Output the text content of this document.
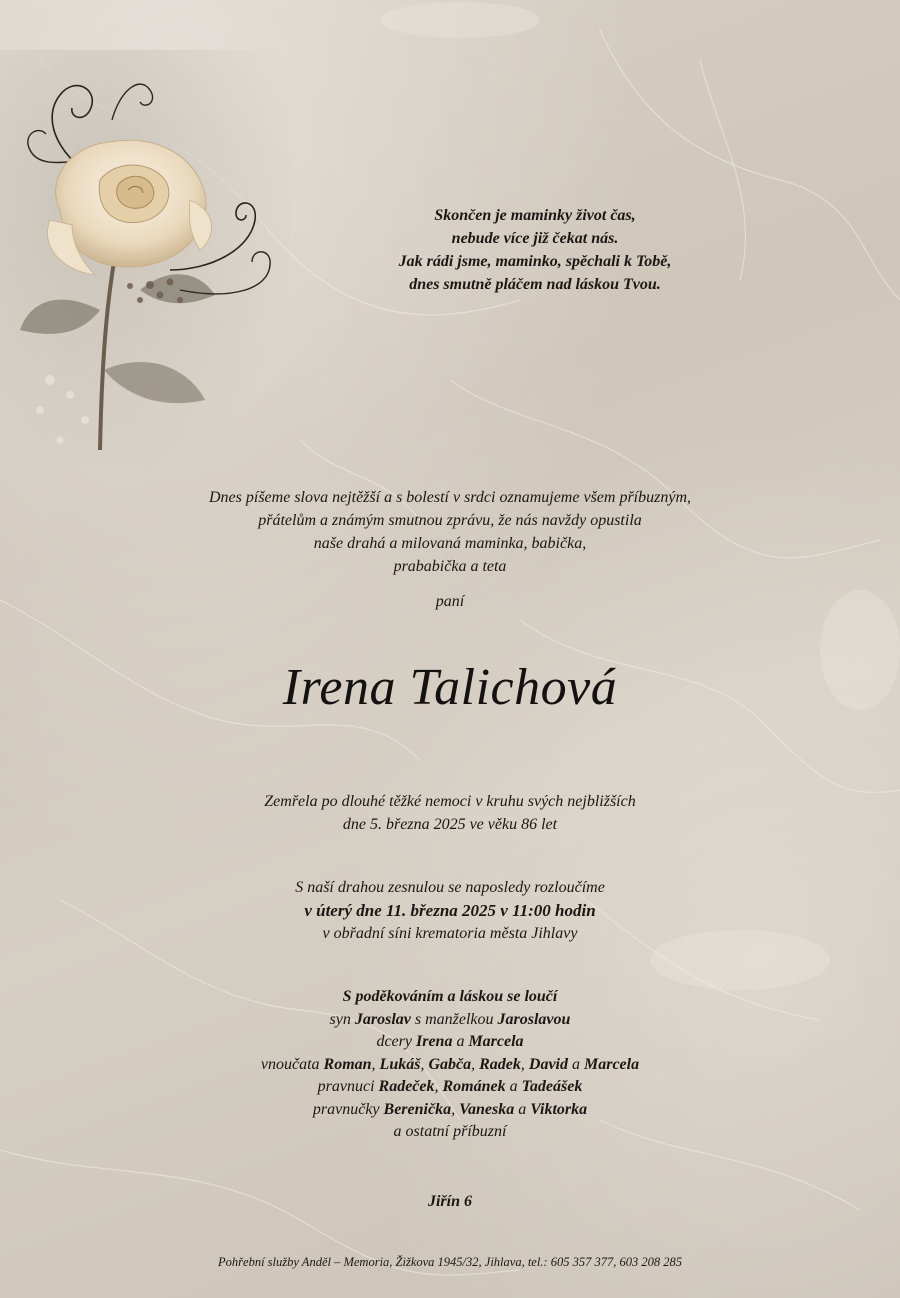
Skončen je maminky život čas,
nebude více již čekat nás.
Jak rádi jsme, maminko, spěchali k Tobě,
dnes smutně pláčem nad láskou Tvou.
Dnes píšeme slova nejtěžší a s bolestí v srdci oznamujeme všem příbuzným,
přátelům a známým smutnou zprávu, že nás navždy opustila
naše drahá a milovaná maminka, babička,
prababička a teta
paní
Irena Talichová
Zemřela po dlouhé těžké nemoci v kruhu svých nejbližších
dne 5. března 2025 ve věku 86 let
S naší drahou zesnulou se naposledy rozloučíme
v úterý dne 11. března 2025 v 11:00 hodin
v obřadní síni krematoria města Jihlavy
S poděkováním a láskou se loučí
syn Jaroslav s manželkou Jaroslavou
dcery Irena a Marcela
vnoučata Roman, Lukáš, Gabča, Radek, David a Marcela
pravnuci Radeček, Románek a Tadeášek
pravnučky Berenička, Vaneska a Viktorka
a ostatní příbuzní
Jiřín 6
Pohřební služby Anděl – Memoria, Žižkova 1945/32, Jihlava, tel.: 605 357 377, 603 208 285
